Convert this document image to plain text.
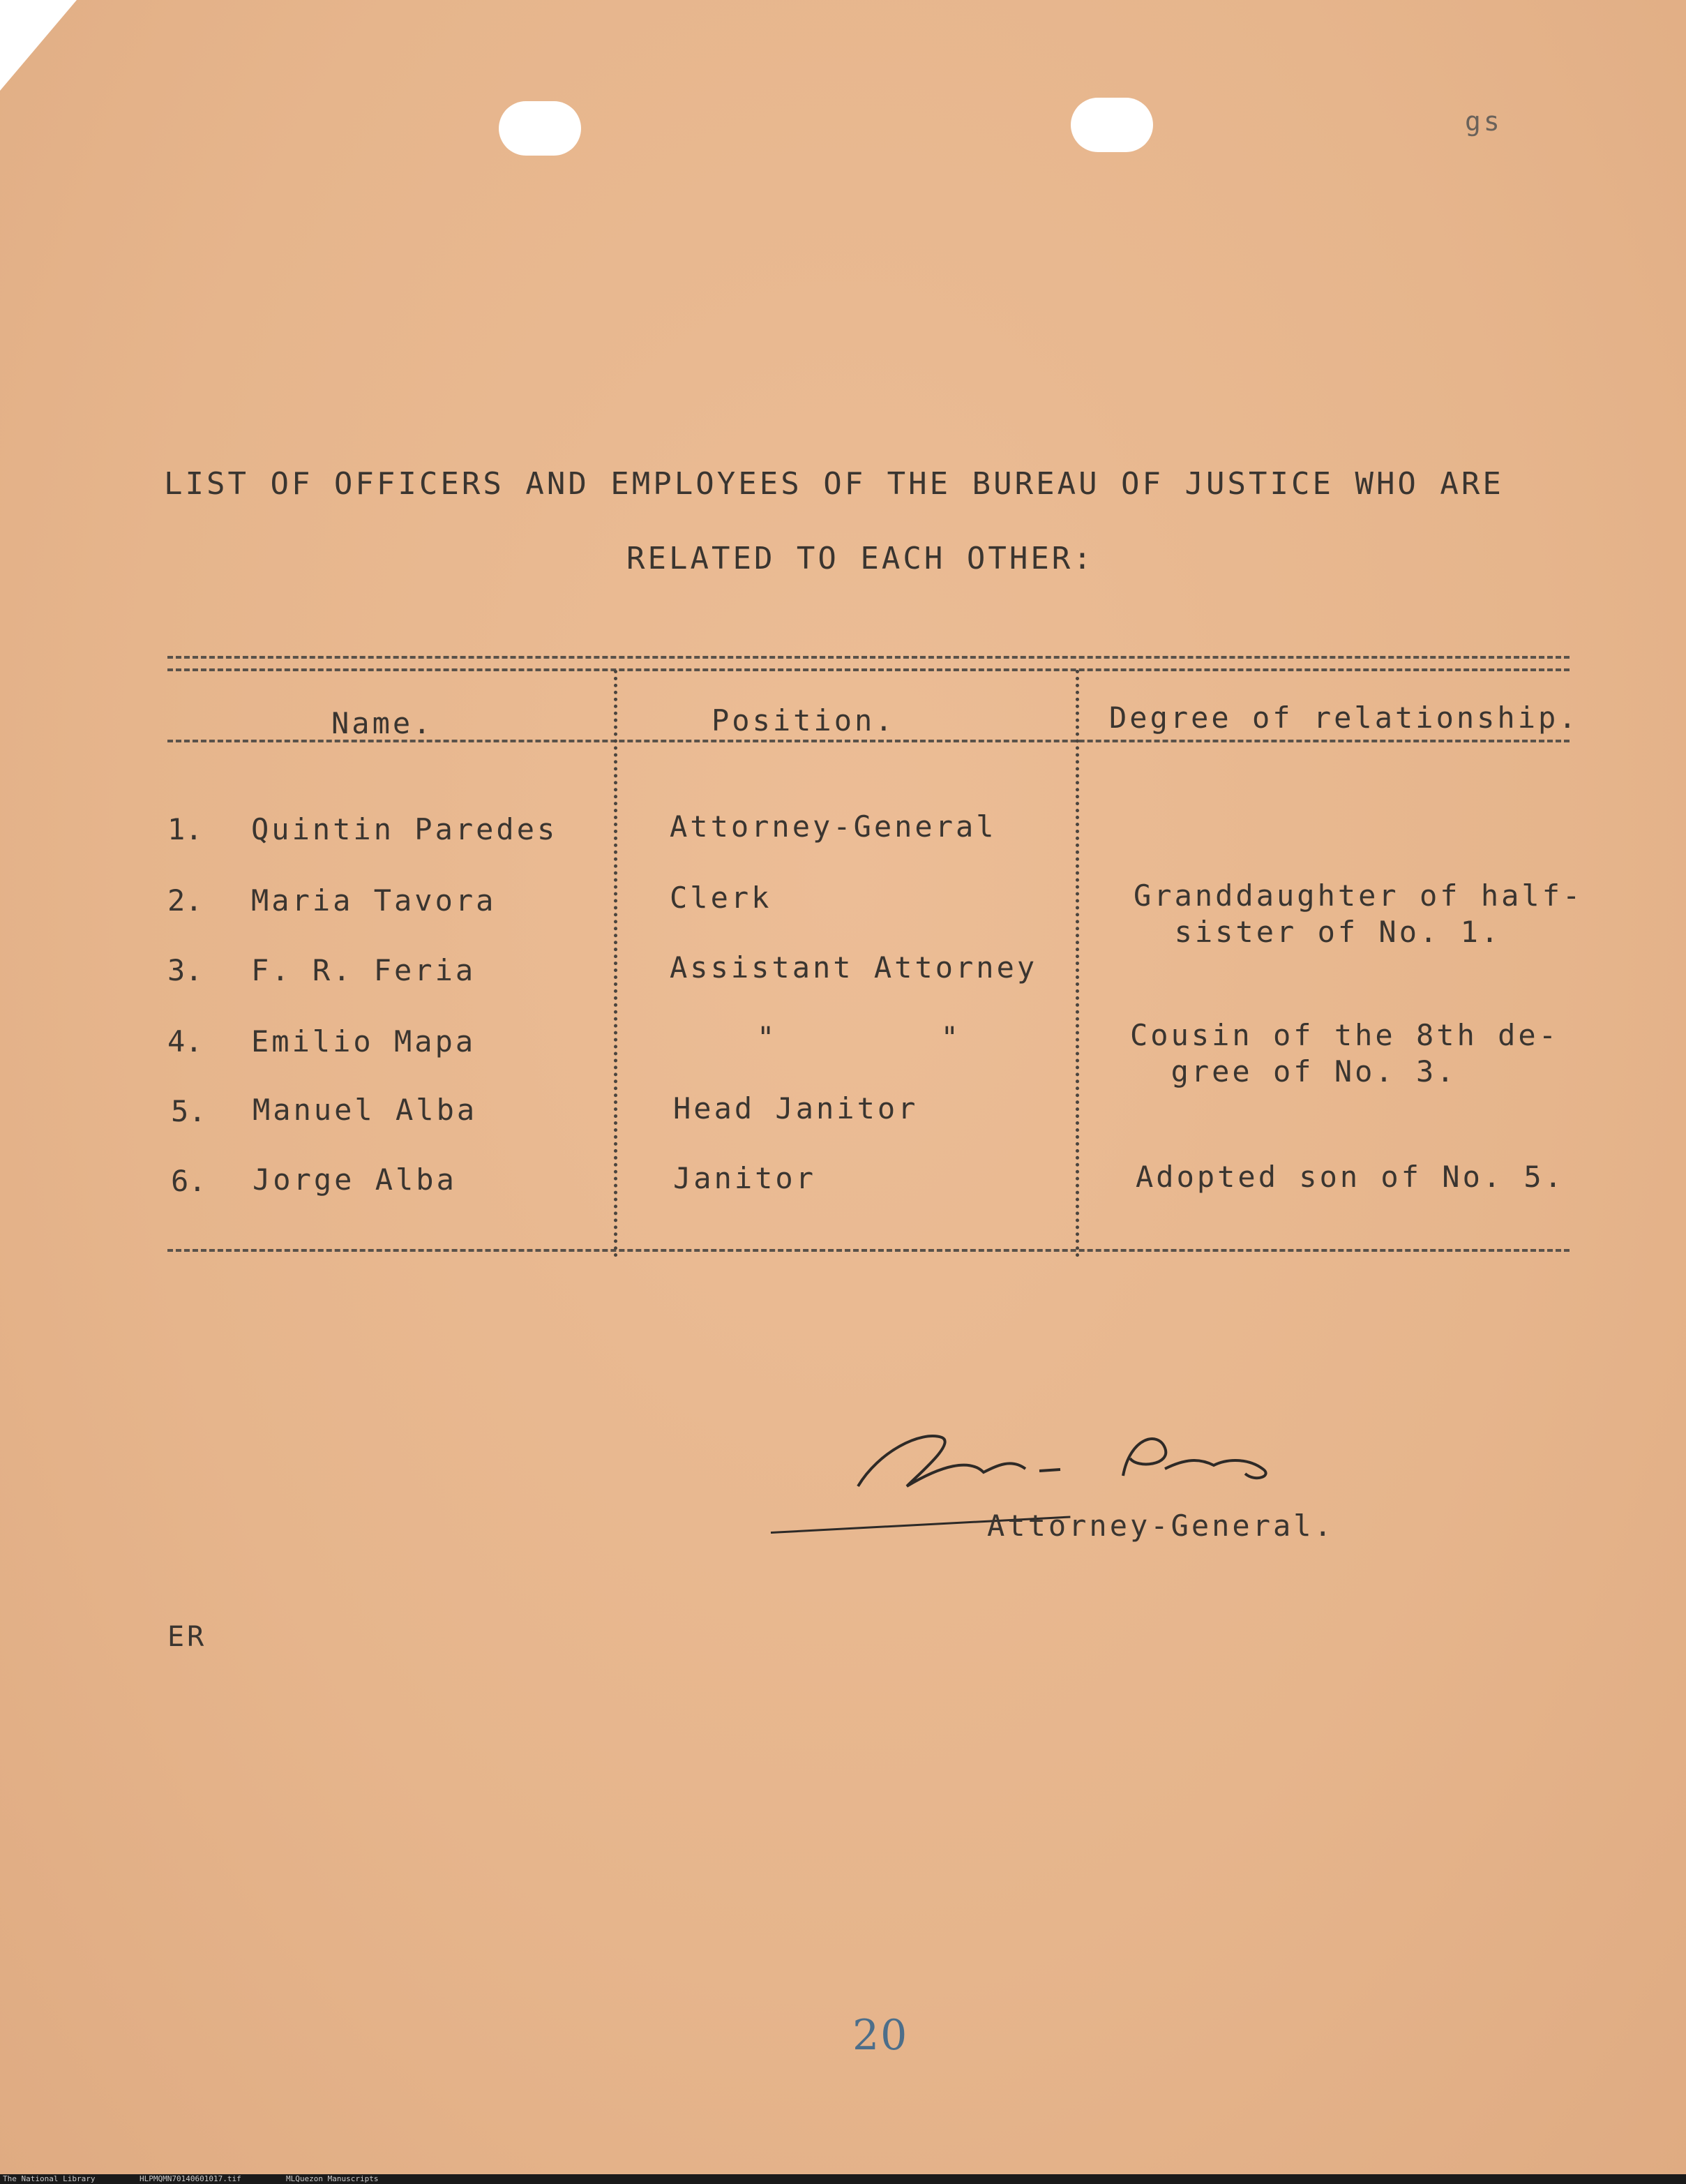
gs
LIST OF OFFICERS AND EMPLOYEES OF THE BUREAU OF JUSTICE WHO ARE
RELATED TO EACH OTHER:
Name.	Position.	Degree of relationship.
1. Quintin Paredes	Attorney-General
2. Maria Tavora	Clerk	Granddaughter of half-
sister of No. 1.
3. F. R. Feria	Assistant Attorney
4. Emilio Mapa	"        "	Cousin of the 8th de-
gree of No. 3.
5. Manuel Alba	Head Janitor
6. Jorge Alba	Janitor	Adopted son of No. 5.
Attorney-General.
ER
20
The National Library	HLPMQMN70140601017.tif	MLQuezon Manuscripts
